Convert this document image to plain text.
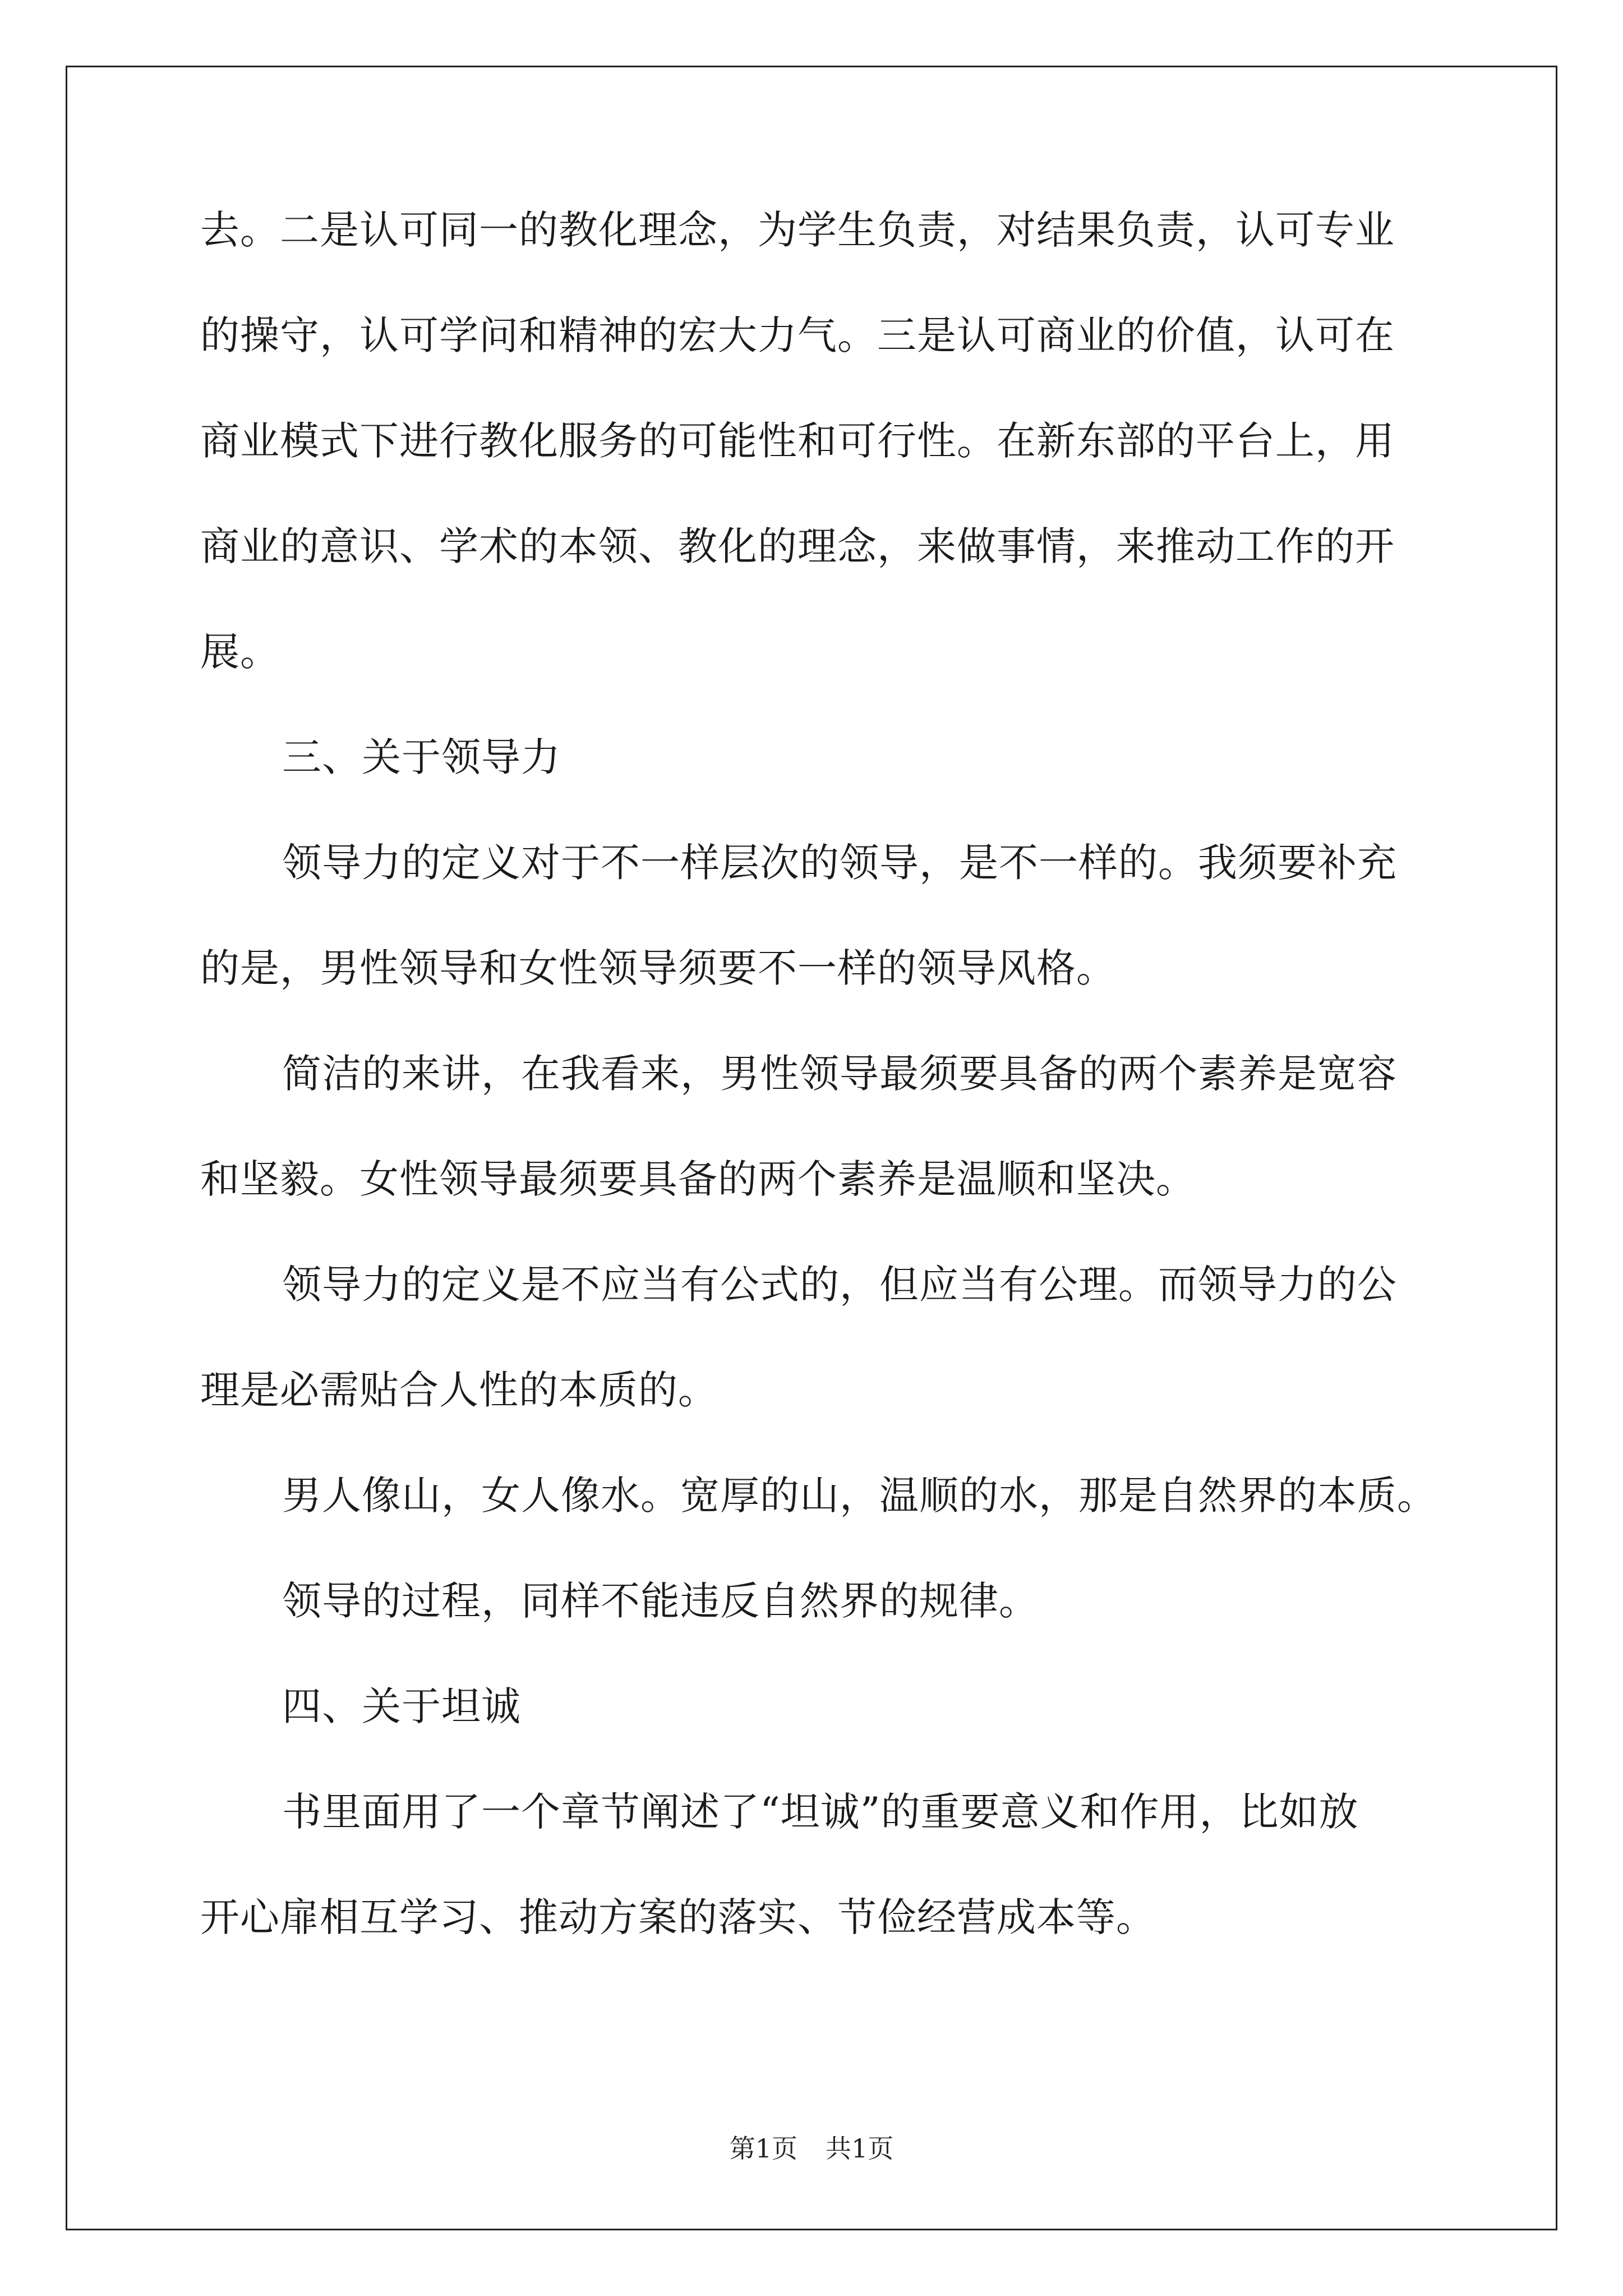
去。二是认可同一的教化理念，为学生负责，对结果负责，认可专业

的操守，认可学问和精神的宏大力气。三是认可商业的价值，认可在

商业模式下进行教化服务的可能性和可行性。在新东部的平台上，用

商业的意识、学术的本领、教化的理念，来做事情，来推动工作的开

展。

三、关于领导力

领导力的定义对于不一样层次的领导，是不一样的。我须要补充

的是，男性领导和女性领导须要不一样的领导风格。

简洁的来讲，在我看来，男性领导最须要具备的两个素养是宽容

和坚毅。女性领导最须要具备的两个素养是温顺和坚决。

领导力的定义是不应当有公式的，但应当有公理。而领导力的公

理是必需贴合人性的本质的。

男人像山，女人像水。宽厚的山，温顺的水，那是自然界的本质。

领导的过程，同样不能违反自然界的规律。

四、关于坦诚

书里面用了一个章节阐述了“坦诚”的重要意义和作用，比如放

开心扉相互学习、推动方案的落实、节俭经营成本等。

第1页 共1页
